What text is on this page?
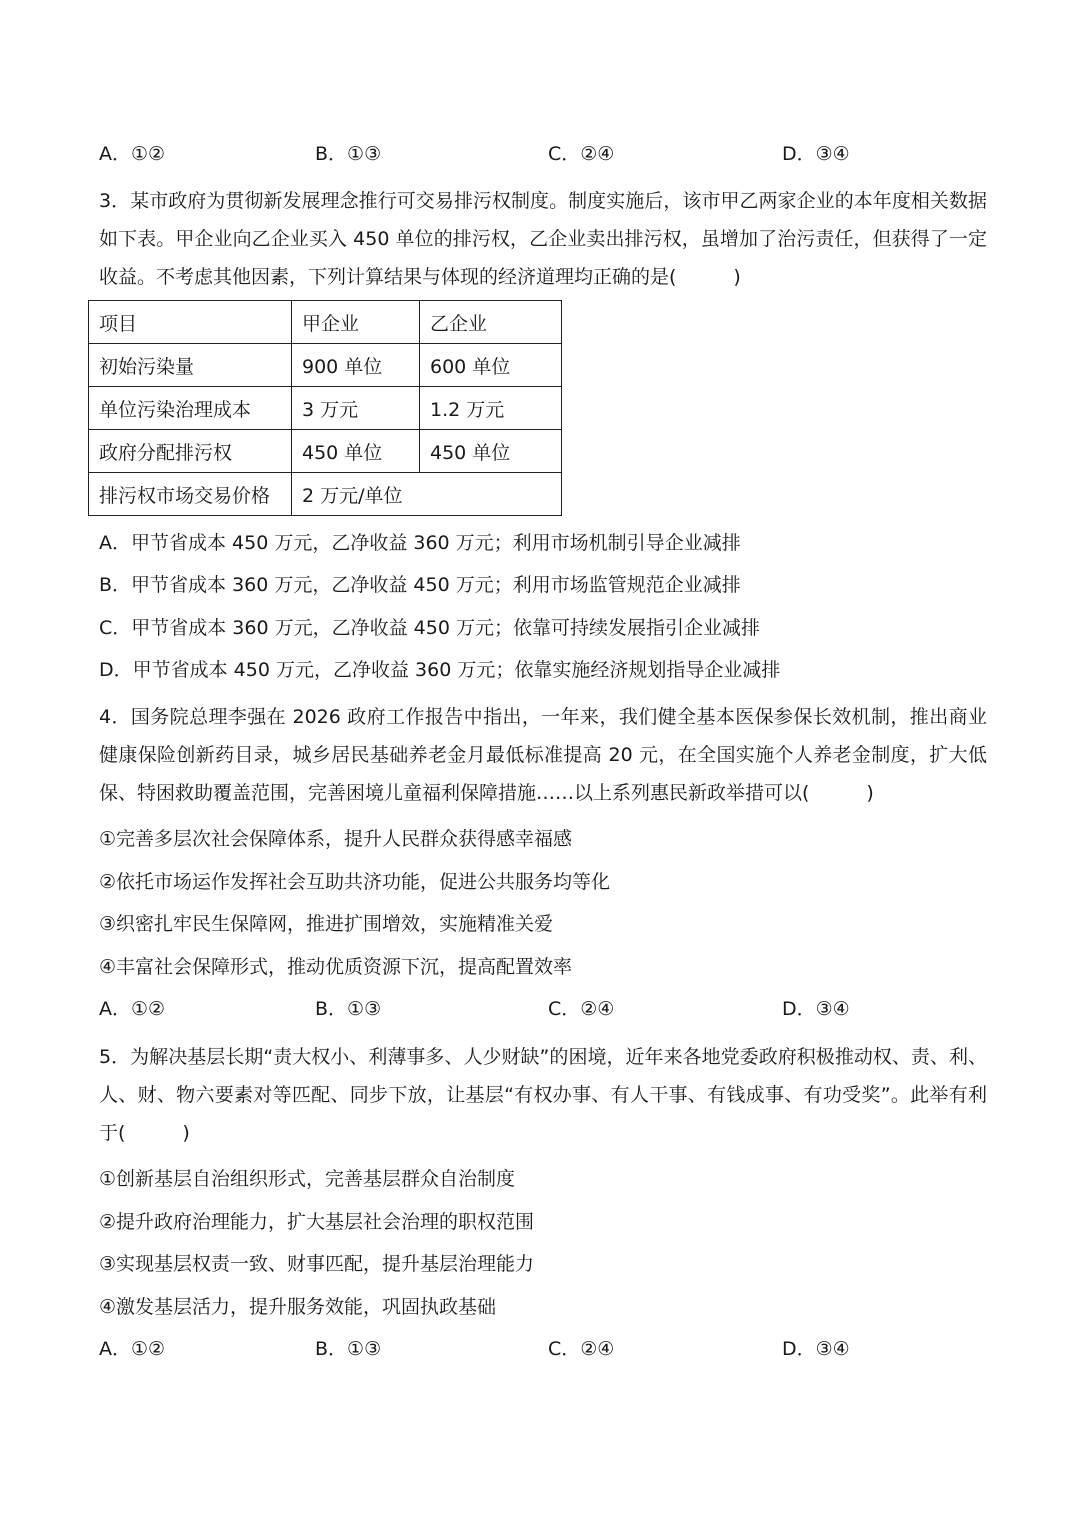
A．①②	B．①③	C．②④	D．③④
3．某市政府为贯彻新发展理念推行可交易排污权制度。制度实施后，该市甲乙两家企业的本年度相关数据如下表。甲企业向乙企业买入 450 单位的排污权，乙企业卖出排污权，虽增加了治污责任，但获得了一定收益。不考虑其他因素，下列计算结果与体现的经济道理均正确的是(　　　)
项目	甲企业	乙企业
初始污染量	900 单位	600 单位
单位污染治理成本	3 万元	1.2 万元
政府分配排污权	450 单位	450 单位
排污权市场交易价格	2 万元/单位	
A．甲节省成本 450 万元，乙净收益 360 万元；利用市场机制引导企业减排
B．甲节省成本 360 万元，乙净收益 450 万元；利用市场监管规范企业减排
C．甲节省成本 360 万元，乙净收益 450 万元；依靠可持续发展指引企业减排
D．甲节省成本 450 万元，乙净收益 360 万元；依靠实施经济规划指导企业减排
4．国务院总理李强在 2026 政府工作报告中指出，一年来，我们健全基本医保参保长效机制，推出商业健康保险创新药目录，城乡居民基础养老金月最低标准提高 20 元，在全国实施个人养老金制度，扩大低保、特困救助覆盖范围，完善困境儿童福利保障措施……以上系列惠民新政举措可以(　　　)
①完善多层次社会保障体系，提升人民群众获得感幸福感
②依托市场运作发挥社会互助共济功能，促进公共服务均等化
③织密扎牢民生保障网，推进扩围增效，实施精准关爱
④丰富社会保障形式，推动优质资源下沉，提高配置效率
A．①②	B．①③	C．②④	D．③④
5．为解决基层长期“责大权小、利薄事多、人少财缺”的困境，近年来各地党委政府积极推动权、责、利、人、财、物六要素对等匹配、同步下放，让基层“有权办事、有人干事、有钱成事、有功受奖”。此举有利于(　　　)
①创新基层自治组织形式，完善基层群众自治制度
②提升政府治理能力，扩大基层社会治理的职权范围
③实现基层权责一致、财事匹配，提升基层治理能力
④激发基层活力，提升服务效能，巩固执政基础
A．①②	B．①③	C．②④	D．③④
